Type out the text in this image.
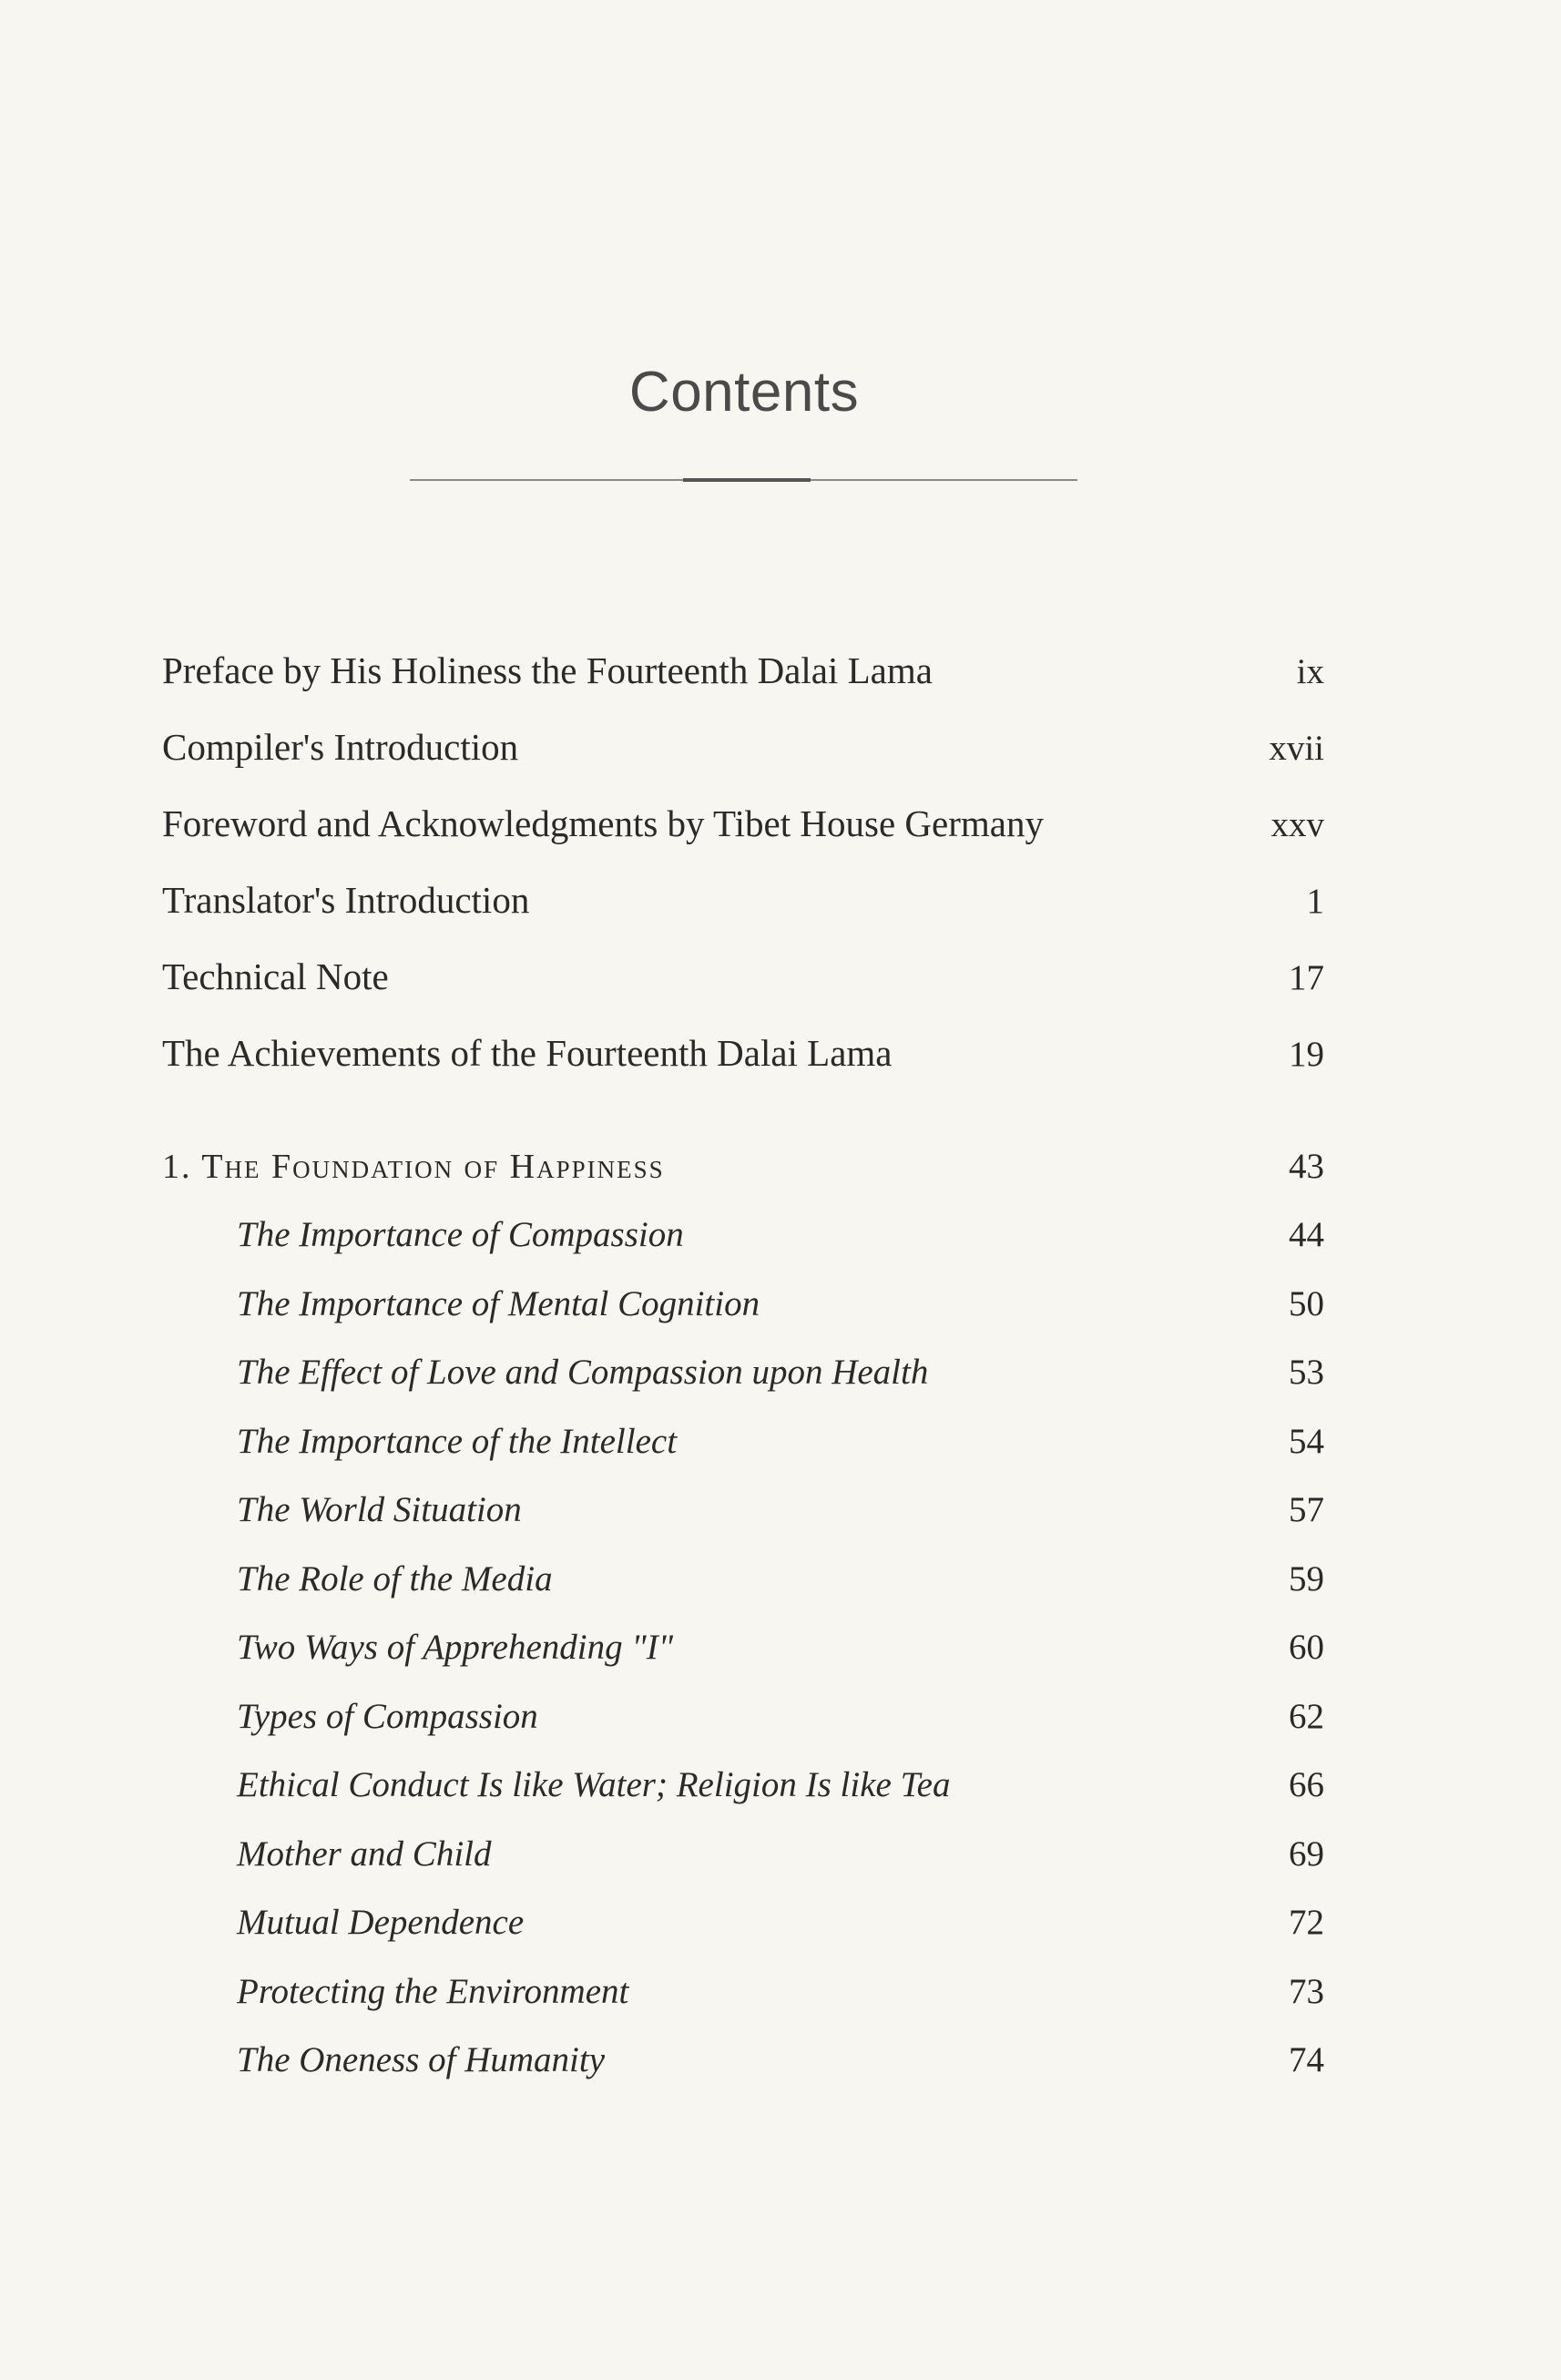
Contents
Preface by His Holiness the Fourteenth Dalai Lama	ix
Compiler's Introduction	xvii
Foreword and Acknowledgments by Tibet House Germany	xxv
Translator's Introduction	1
Technical Note	17
The Achievements of the Fourteenth Dalai Lama	19
1. The Foundation of Happiness	43
The Importance of Compassion	44
The Importance of Mental Cognition	50
The Effect of Love and Compassion upon Health	53
The Importance of the Intellect	54
The World Situation	57
The Role of the Media	59
Two Ways of Apprehending "I"	60
Types of Compassion	62
Ethical Conduct Is like Water; Religion Is like Tea	66
Mother and Child	69
Mutual Dependence	72
Protecting the Environment	73
The Oneness of Humanity	74
